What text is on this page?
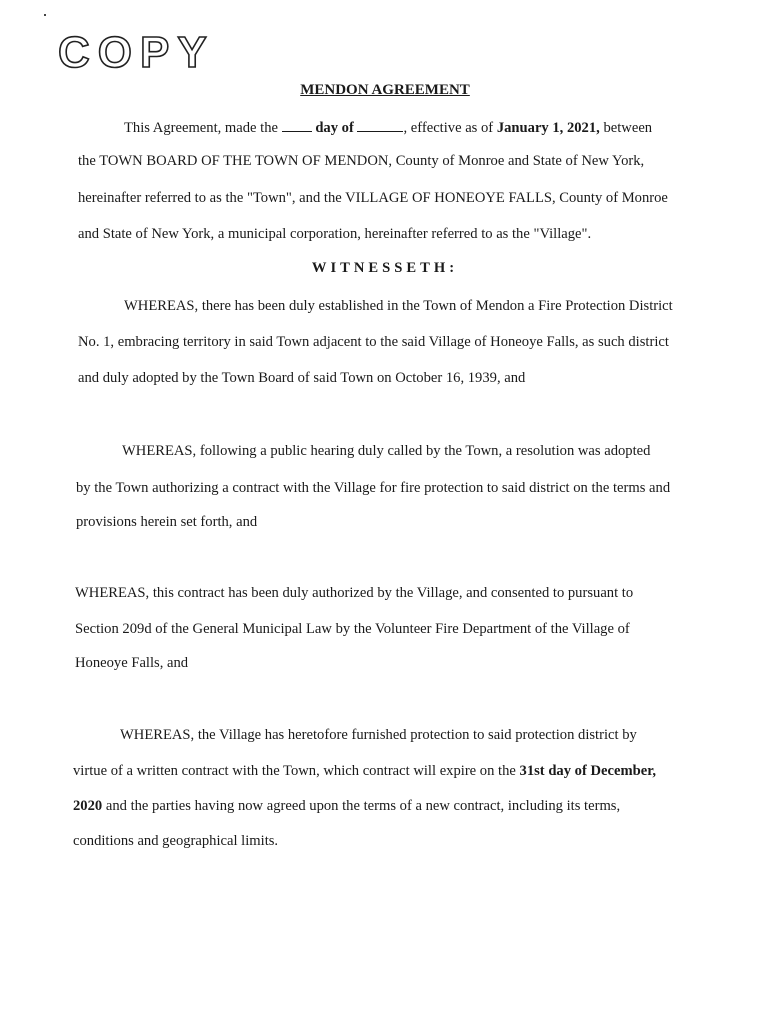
COPY
MENDON AGREEMENT
This Agreement, made the	day of	, effective as of January 1, 2021, between
the TOWN BOARD OF THE TOWN OF MENDON, County of Monroe and State of New York,
hereinafter referred to as the "Town", and the VILLAGE OF HONEOYE FALLS, County of Monroe
and State of New York, a municipal corporation, hereinafter referred to as the "Village".
WITNESSETH:
WHEREAS, there has been duly established in the Town of Mendon a Fire Protection District
No. 1, embracing territory in said Town adjacent to the said Village of Honeoye Falls, as such district
and duly adopted by the Town Board of said Town on October 16, 1939, and
WHEREAS, following a public hearing duly called by the Town, a resolution was adopted
by the Town authorizing a contract with the Village for fire protection to said district on the terms and
provisions herein set forth, and
WHEREAS, this contract has been duly authorized by the Village, and consented to pursuant to
Section 209d of the General Municipal Law by the Volunteer Fire Department of the Village of
Honeoye Falls, and
WHEREAS, the Village has heretofore furnished protection to said protection district by
virtue of a written contract with the Town, which contract will expire on the 31st day of December,
2020 and the parties having now agreed upon the terms of a new contract, including its terms,
conditions and geographical limits.
